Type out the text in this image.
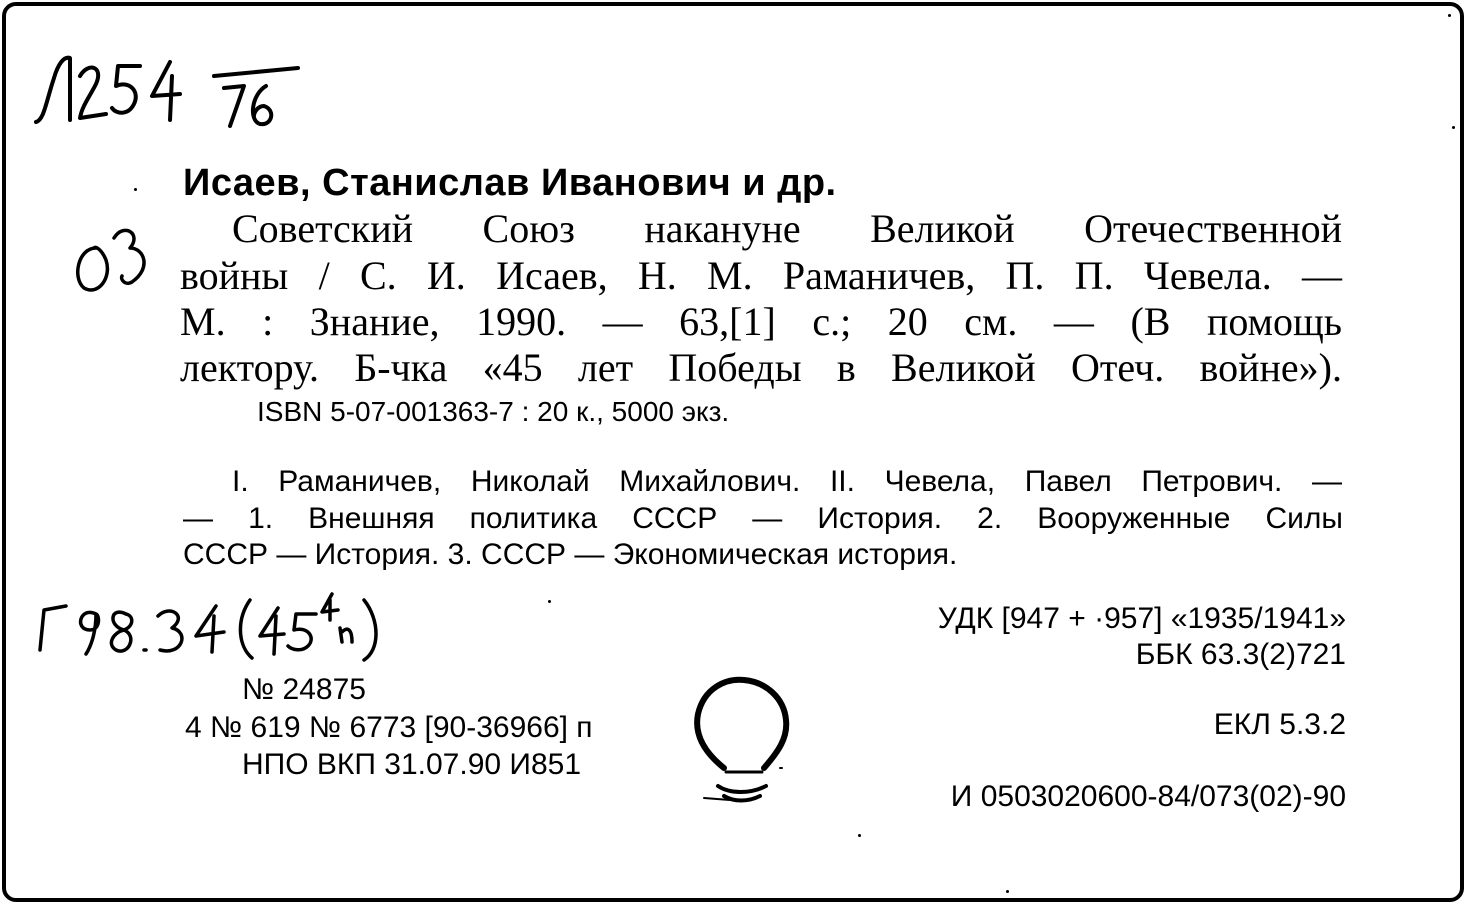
Исаев, Станислав Иванович и др.
Советский Союз накануне Великой Отечественной
войны / С. И. Исаев, Н. М. Раманичев, П. П. Чевела. —
М. : Знание, 1990. — 63,[1] с.; 20 см. — (В помощь
лектору. Б-чка «45 лет Победы в Великой Отеч. войне»).
ISBN 5-07-001363-7 : 20 к., 5000 экз.
I. Раманичев, Николай Михайлович. II. Чевела, Павел Петрович. —
— 1. Внешняя политика СССР — История. 2. Вооруженные Силы
СССР — История. 3. СССР — Экономическая история.
УДК [947 + ·957] «1935/1941»
ББК 63.3(2)721
ЕКЛ 5.3.2
И 0503020600-84/073(02)-90
№ 24875
4 № 619 № 6773 [90-36966] п
НПО ВКП 31.07.90 И851
